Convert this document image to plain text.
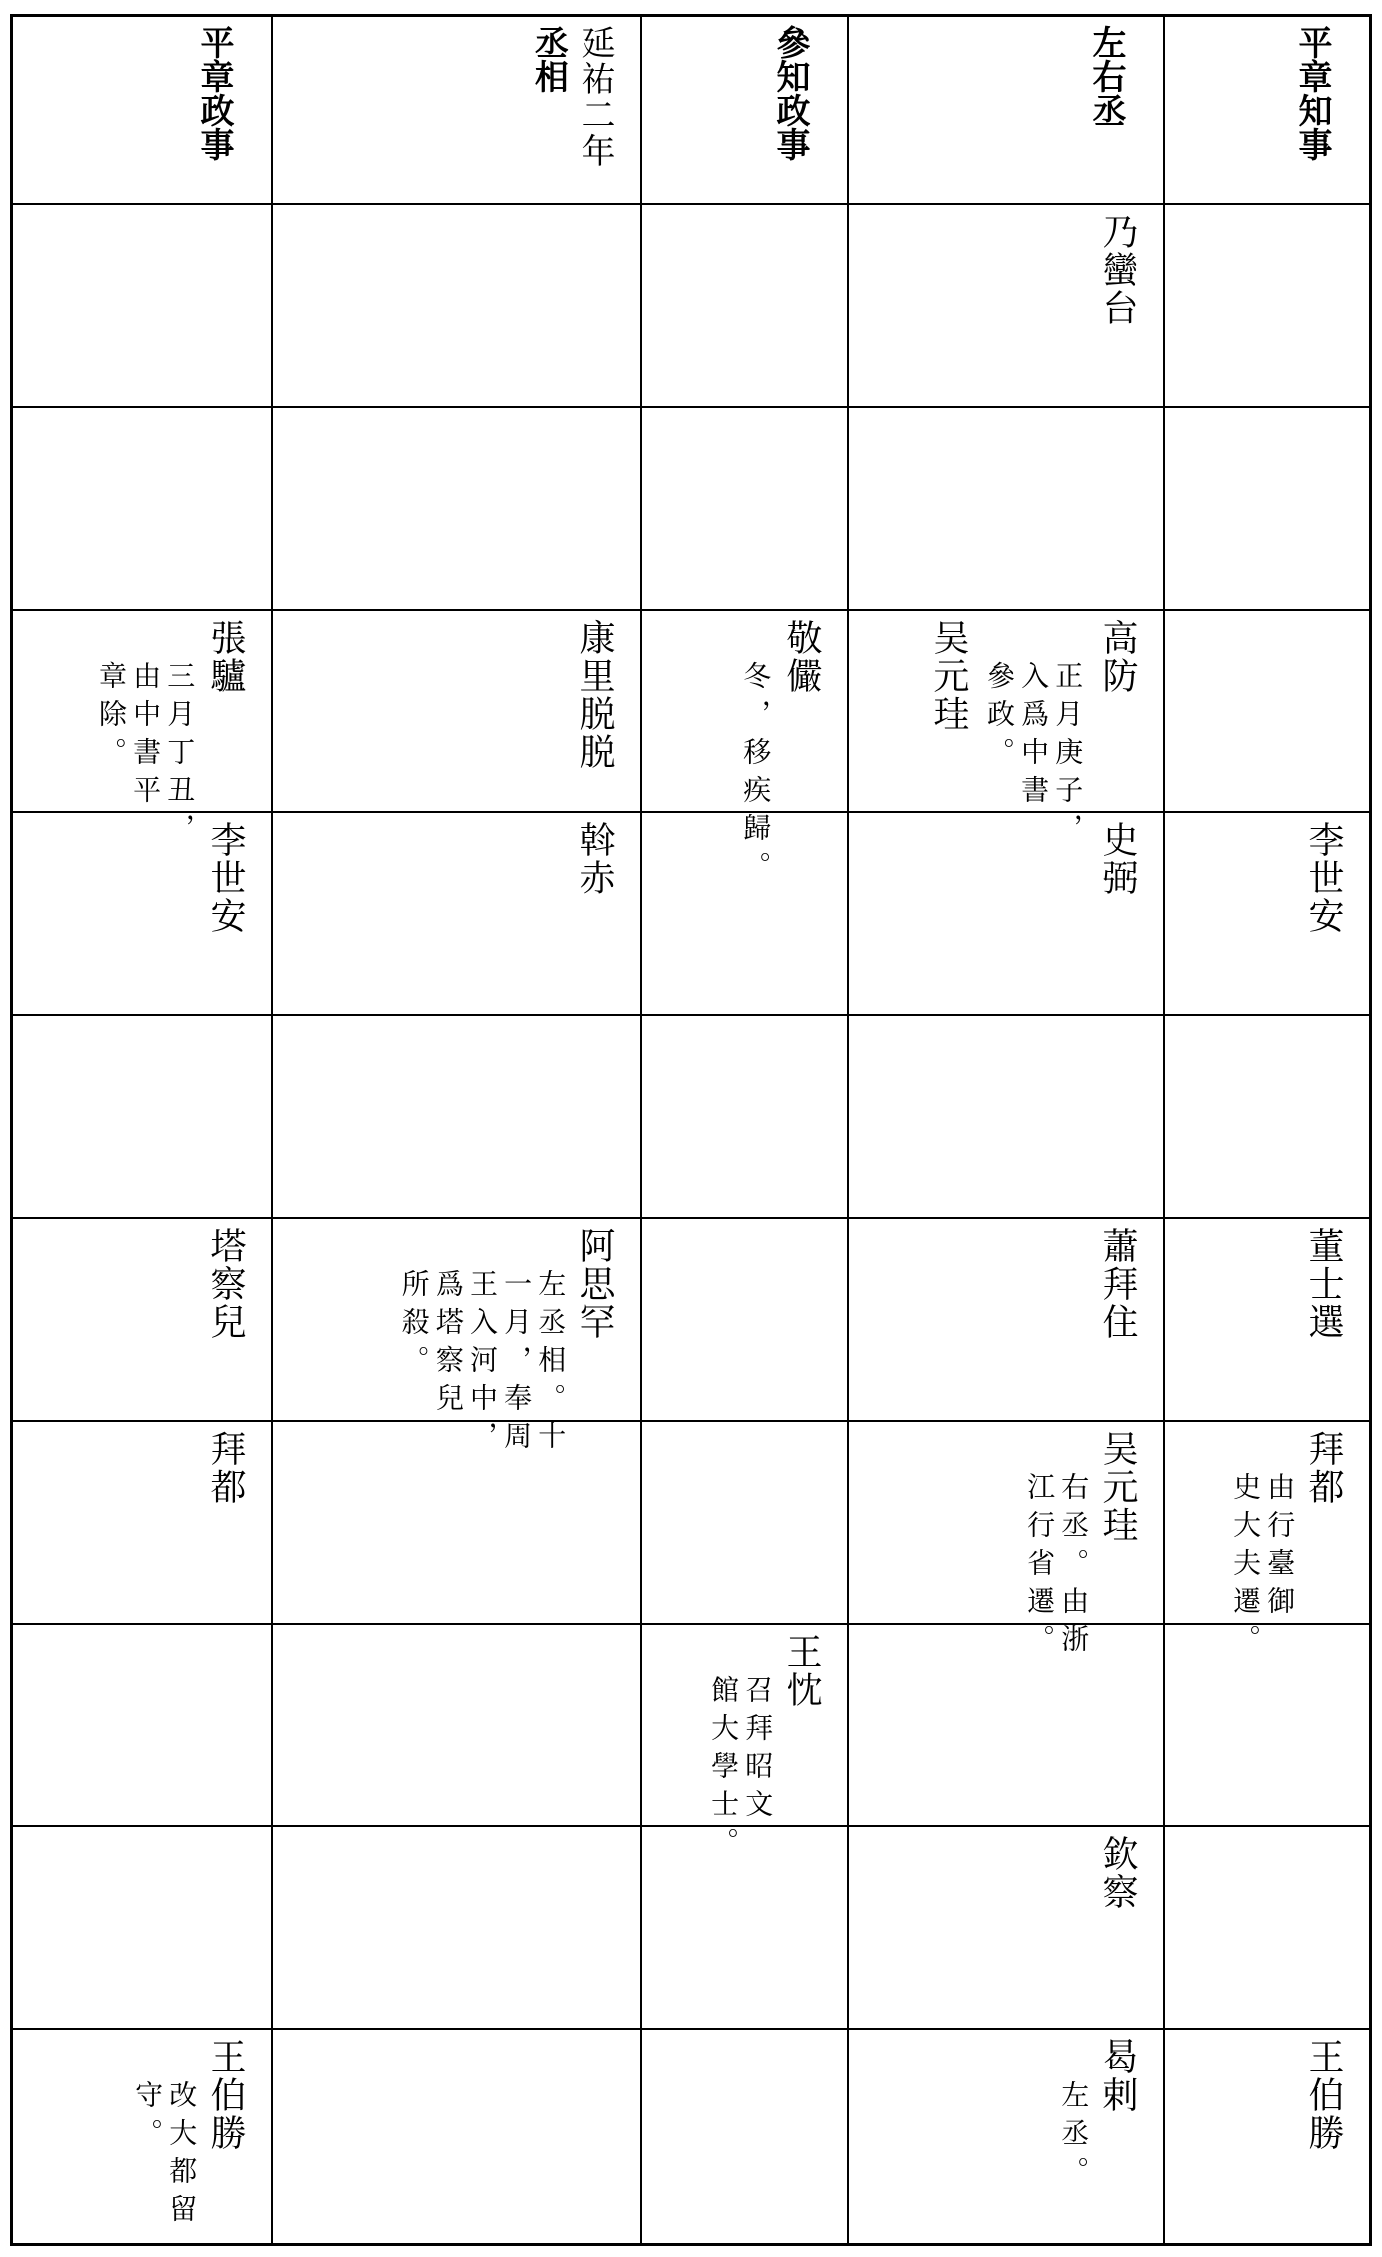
平章知事
左右丞
參知政事
延祐二年
丞相
平章政事
乃蠻台
高防
正月庚子，
入爲中書
參政。
吴元珪
敬儼
冬，移疾歸。
康里脱脱
張驢
三月丁丑，
由中書平
章除。
李世安
史弼
斡赤
李世安
董士選
蕭拜住
阿思罕
左丞相。十
一月，奉周
王入河中，
爲塔察兒
所殺。
塔察兒
拜都
由行臺御
史大夫遷。
吴元珪
右丞。由浙
江行省遷。
拜都
王忱
召拜昭文
館大學士。
欽察
王伯勝
曷剌
左丞。
王伯勝
改大都留
守。
